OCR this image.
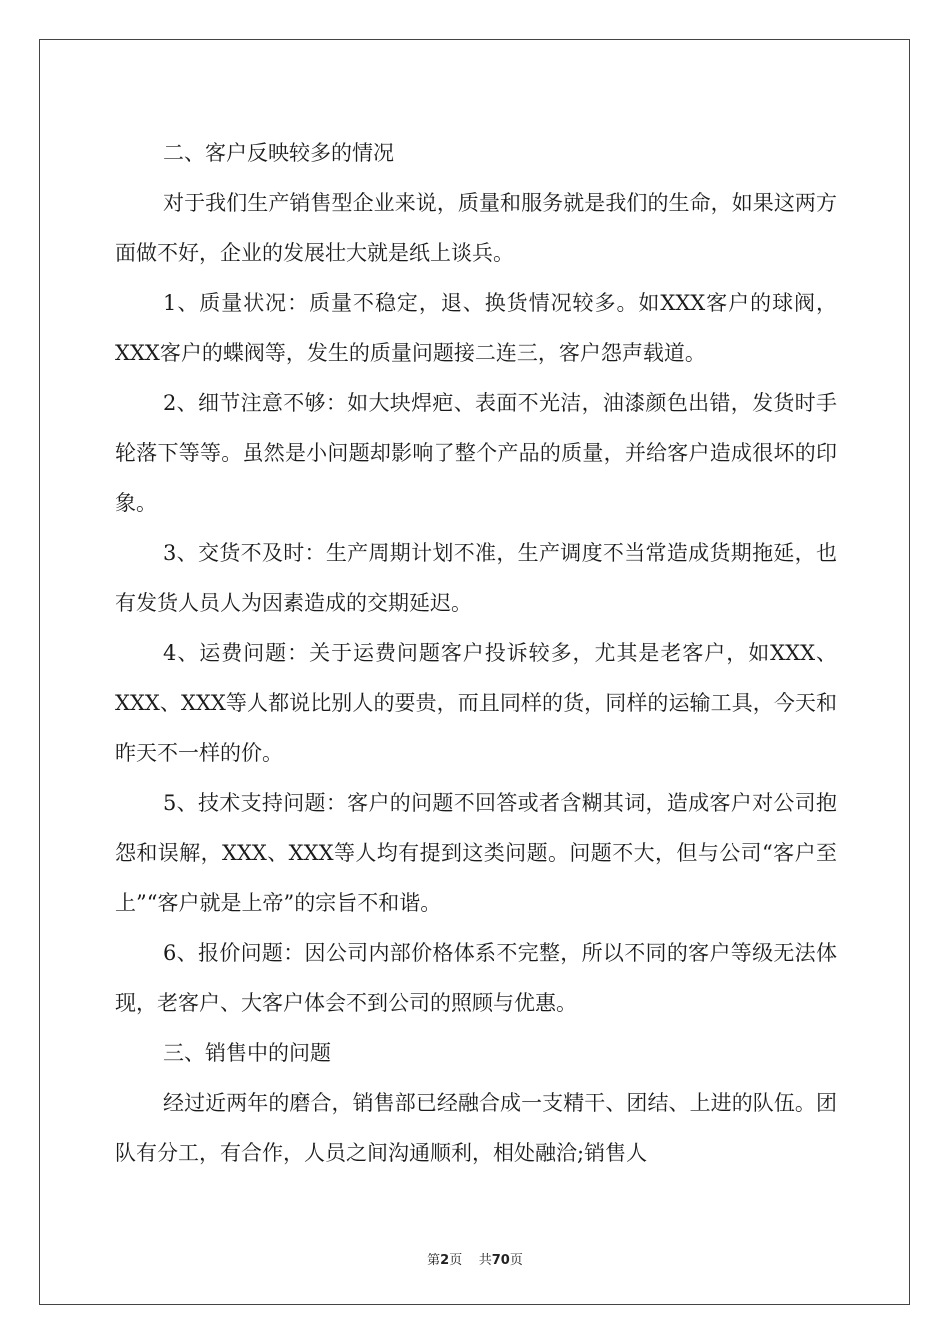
二、客户反映较多的情况

对于我们生产销售型企业来说，质量和服务就是我们的生命，如果这两方面做不好，企业的发展壮大就是纸上谈兵。

1、质量状况：质量不稳定，退、换货情况较多。如XXX客户的球阀，XXX客户的蝶阀等，发生的质量问题接二连三，客户怨声载道。

2、细节注意不够：如大块焊疤、表面不光洁，油漆颜色出错，发货时手轮落下等等。虽然是小问题却影响了整个产品的质量，并给客户造成很坏的印象。

3、交货不及时：生产周期计划不准，生产调度不当常造成货期拖延，也有发货人员人为因素造成的交期延迟。

4、运费问题：关于运费问题客户投诉较多，尤其是老客户，如XXX、XXX、XXX等人都说比别人的要贵，而且同样的货，同样的运输工具，今天和昨天不一样的价。

5、技术支持问题：客户的问题不回答或者含糊其词，造成客户对公司抱怨和误解，XXX、XXX等人均有提到这类问题。问题不大，但与公司“客户至上”“客户就是上帝”的宗旨不和谐。

6、报价问题：因公司内部价格体系不完整，所以不同的客户等级无法体现，老客户、大客户体会不到公司的照顾与优惠。

三、销售中的问题

经过近两年的磨合，销售部已经融合成一支精干、团结、上进的队伍。团队有分工，有合作，人员之间沟通顺利，相处融洽;销售人

第2页 共70页
